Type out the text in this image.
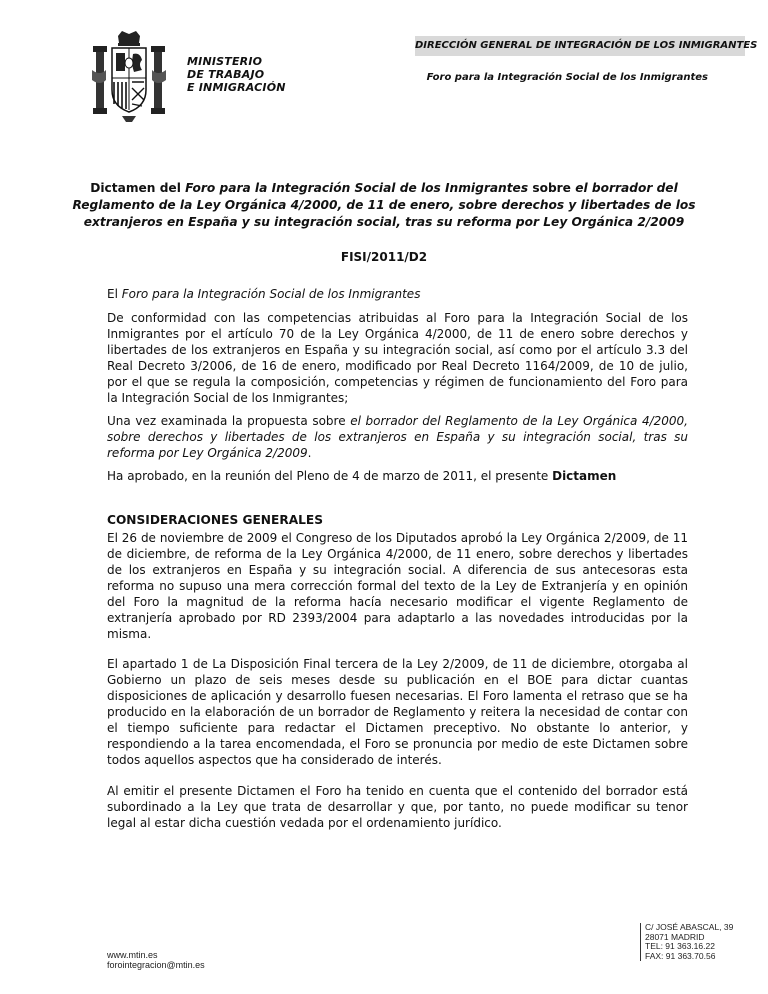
MINISTERIO
DE TRABAJO
E INMIGRACIÓN
DIRECCIÓN GENERAL DE INTEGRACIÓN DE LOS INMIGRANTES
Foro para la Integración Social de los Inmigrantes
Dictamen del Foro para la Integración Social de los Inmigrantes sobre el borrador del Reglamento de la Ley Orgánica 4/2000, de 11 de enero, sobre derechos y libertades de los extranjeros en España y su integración social, tras su reforma por Ley Orgánica 2/2009
FISI/2011/D2

El Foro para la Integración Social de los Inmigrantes

De conformidad con las competencias atribuidas al Foro para la Integración Social de los Inmigrantes por el artículo 70 de la Ley Orgánica 4/2000, de 11 de enero sobre derechos y libertades de los extranjeros en España y su integración social, así como por el artículo 3.3 del Real Decreto 3/2006, de 16 de enero, modificado por Real Decreto 1164/2009, de 10 de julio, por el que se regula la composición, competencias y régimen de funcionamiento del Foro para la Integración Social de los Inmigrantes;

Una vez examinada la propuesta sobre el borrador del Reglamento de la Ley Orgánica 4/2000, sobre derechos y libertades de los extranjeros en España y su integración social, tras su reforma por Ley Orgánica 2/2009.

Ha aprobado, en la reunión del Pleno de 4 de marzo de 2011, el presente Dictamen

CONSIDERACIONES GENERALES

El 26 de noviembre de 2009 el Congreso de los Diputados aprobó la Ley Orgánica 2/2009, de 11 de diciembre, de reforma de la Ley Orgánica 4/2000, de 11 enero, sobre derechos y libertades de los extranjeros en España y su integración social. A diferencia de sus antecesoras esta reforma no supuso una mera corrección formal del texto de la Ley de Extranjería y en opinión del Foro la magnitud de la reforma hacía necesario modificar el vigente Reglamento de extranjería aprobado por RD 2393/2004 para adaptarlo a las novedades introducidas por la misma.

El apartado 1 de La Disposición Final tercera de la Ley 2/2009, de 11 de diciembre, otorgaba al Gobierno un plazo de seis meses desde su publicación en el BOE para dictar cuantas disposiciones de aplicación y desarrollo fuesen necesarias. El Foro lamenta el retraso que se ha producido en la elaboración de un borrador de Reglamento y reitera la necesidad de contar con el tiempo suficiente para redactar el Dictamen preceptivo. No obstante lo anterior, y respondiendo a la tarea encomendada, el Foro se pronuncia por medio de este Dictamen sobre todos aquellos aspectos que ha considerado de interés.

Al emitir el presente Dictamen el Foro ha tenido en cuenta que el contenido del borrador está subordinado a la Ley que trata de desarrollar y que, por tanto, no puede modificar su tenor legal al estar dicha cuestión vedada por el ordenamiento jurídico.

www.mtin.es
forointegracion@mtin.es
C/ JOSÉ ABASCAL, 39
28071 MADRID
TEL: 91 363.16.22
FAX: 91 363.70.56
